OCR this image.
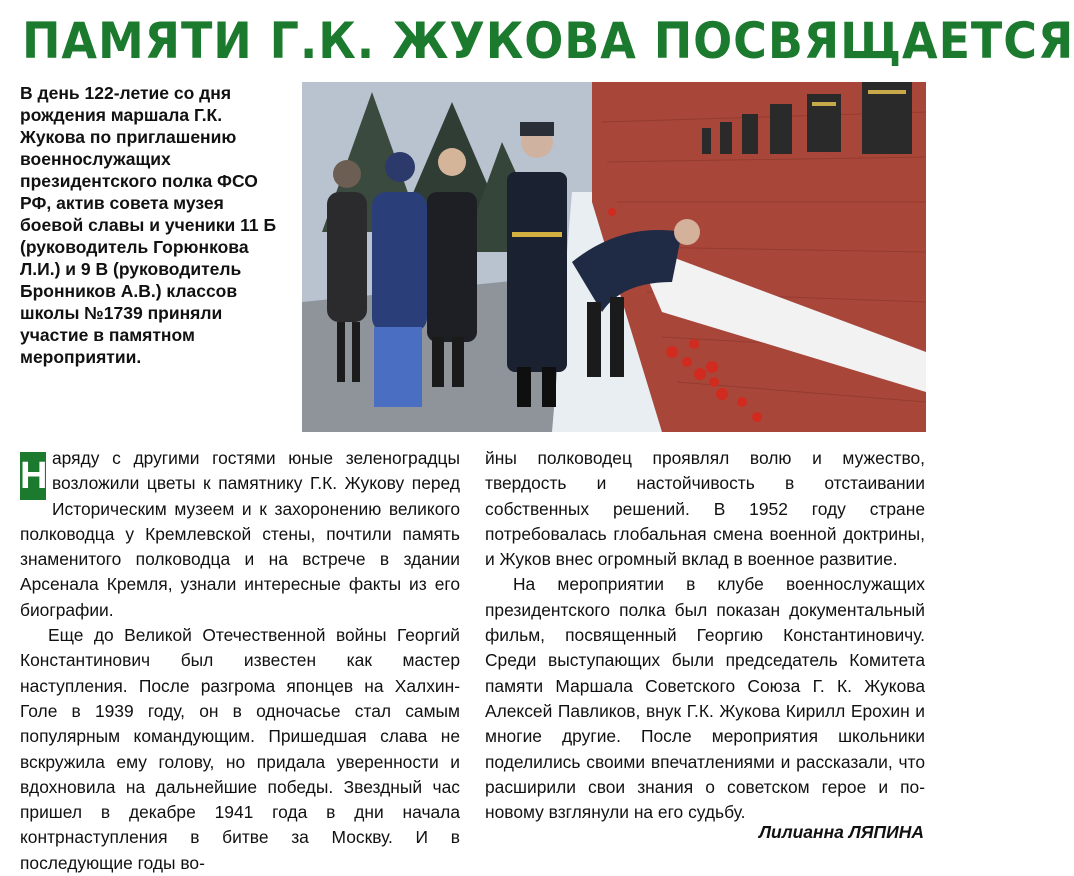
ПАМЯТИ Г.К. ЖУКОВА ПОСВЯЩАЕТСЯ

В день 122-летие со дня рождения маршала Г.К. Жукова по приглашению военнослужащих президентского полка ФСО РФ, актив совета музея боевой славы и ученики 11 Б (руководитель Горюнкова Л.И.) и 9 В (руководитель Бронников А.В.) классов школы №1739 приняли участие в памятном мероприятии.

Н аряду с другими гостями юные зеленоградцы возложили цветы к памятнику Г.К. Жукову перед Историческим музеем и к захоронению великого полководца у Кремлевской стены, почтили память знаменитого полководца и на встрече в здании Арсенала Кремля, узнали интересные факты из его биографии.

Еще до Великой Отечественной войны Георгий Константинович был известен как мастер наступления. После разгрома японцев на Халхин-Голе в 1939 году, он в одночасье стал самым популярным командующим. Пришедшая слава не вскружила ему голову, но придала уверенности и вдохновила на дальнейшие победы. Звездный час пришел в декабре 1941 года в дни начала контрнаступления в битве за Москву. И в последующие годы во-

йны полководец проявлял волю и мужество, твердость и настойчивость в отстаивании собственных решений. В 1952 году стране потребовалась глобальная смена военной доктрины, и Жуков внес огромный вклад в военное развитие.

На мероприятии в клубе военнослужащих президентского полка был показан документальный фильм, посвященный Георгию Константиновичу. Среди выступающих были председатель Комитета памяти Маршала Советского Союза Г. К. Жукова Алексей Павликов, внук Г.К. Жукова Кирилл Ерохин и многие другие. После мероприятия школьники поделились своими впечатлениями и рассказали, что расширили свои знания о советском герое и по-новому взглянули на его судьбу.

Лилианна ЛЯПИНА
